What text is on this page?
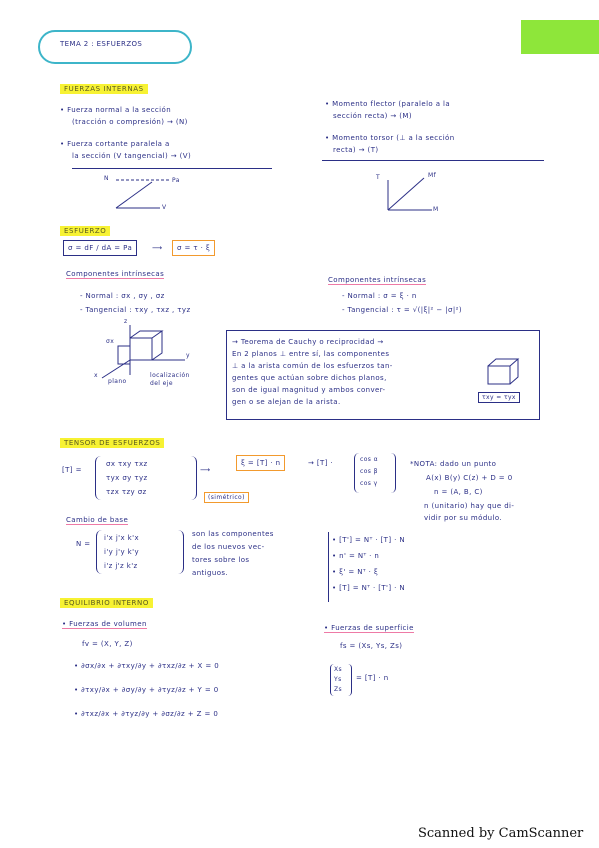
TEMA 2 : ESFUERZOS
FUERZAS INTERNAS
• Fuerza normal a la sección
(tracción o compresión) → (N)
• Fuerza cortante paralela a
la sección (V tangencial) → (V)
• Momento flector (paralelo a la
sección recta) → (M)
• Momento torsor (⊥ a la sección
recta) → (T)
N	Pa
V
T	Mf
M
ESFUERZO
σ = dF / dA = Pa	⟶	σ = τ · ξ
Componentes intrínsecas
- Normal : σx , σy , σz
- Tangencial : τxy , τxz , τyz
Componentes intrínsecas
- Normal : σ = ξ · n
- Tangencial : τ = √(|ξ|² − |σ|²)
z
y
x
σx
plano
localización del eje
→ Teorema de Cauchy o reciprocidad →
En 2 planos ⊥ entre sí, las componentes
⊥ a la arista común de los esfuerzos tan-
gentes que actúan sobre dichos planos,
son de igual magnitud y ambos conver-
gen o se alejan de la arista.
τxy = τyx
TENSOR DE ESFUERZOS
[T] =
σx τxy τxz
τyx σy τyz
τzx τzy σz
⟶
ξ = [T] · n	→ [T] ·	cos α
cos β
cos γ
(simétrico)
*NOTA: dado un punto
A(x) B(y) C(z) + D = 0
n = (A, B, C)
n (unitario) hay que di-
vidir por su módulo.
Cambio de base
N =
i'x j'x k'x
i'y j'y k'y
i'z j'z k'z
son las componentes
de los nuevos vec-
tores sobre los
antiguos.
• [T'] = Nᵀ · [T] · N
• n' = Nᵀ · n
• ξ' = Nᵀ · ξ
• [T] = Nᵀ · [T'] · N
EQUILIBRIO INTERNO
• Fuerzas de volumen
fv = (X, Y, Z)
• ∂σx/∂x + ∂τxy/∂y + ∂τxz/∂z + X = 0
• ∂τxy/∂x + ∂σy/∂y + ∂τyz/∂z + Y = 0
• ∂τxz/∂x + ∂τyz/∂y + ∂σz/∂z + Z = 0
• Fuerzas de superficie
fs = (Xs, Ys, Zs)
Xs
Ys
Zs
= [T] · n
Scanned by CamScanner
